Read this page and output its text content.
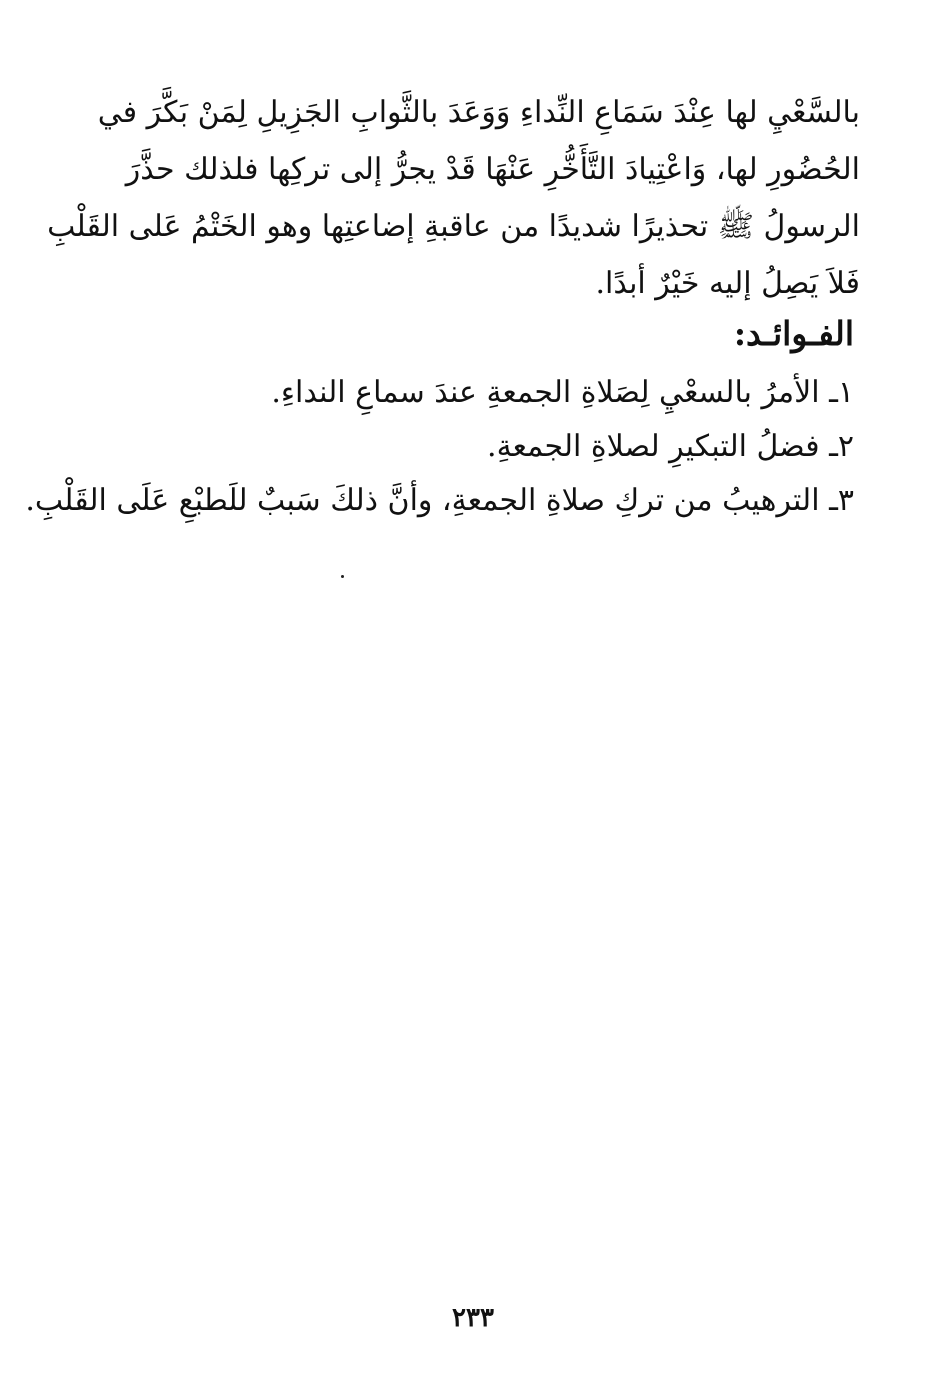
بالسَّعْيِ لها عِنْدَ سَمَاعِ النِّداءِ وَوَعَدَ بالثَّوابِ الجَزِيلِ لِمَنْ بَكَّرَ في
الحُضُورِ لها، وَاعْتِيادَ التَّأَخُّرِ عَنْهَا قَدْ يجرُّ إلى تركِها فلذلك حذَّرَ
الرسولُ ﷺ تحذيرًا شديدًا من عاقبةِ إضاعتِها وهو الخَتْمُ عَلى القَلْبِ
فَلاَ يَصِلُ إليه خَيْرٌ أبدًا.
الفـوائـد:
١ـ الأمرُ بالسعْيِ لِصَلاةِ الجمعةِ عندَ سماعِ النداءِ.
٢ـ فضلُ التبكيرِ لصلاةِ الجمعةِ.
٣ـ الترهيبُ من تركِ صلاةِ الجمعةِ، وأنَّ ذلكَ سَببٌ للَطبْعِ عَلَى القَلْبِ.
٢٣٣
